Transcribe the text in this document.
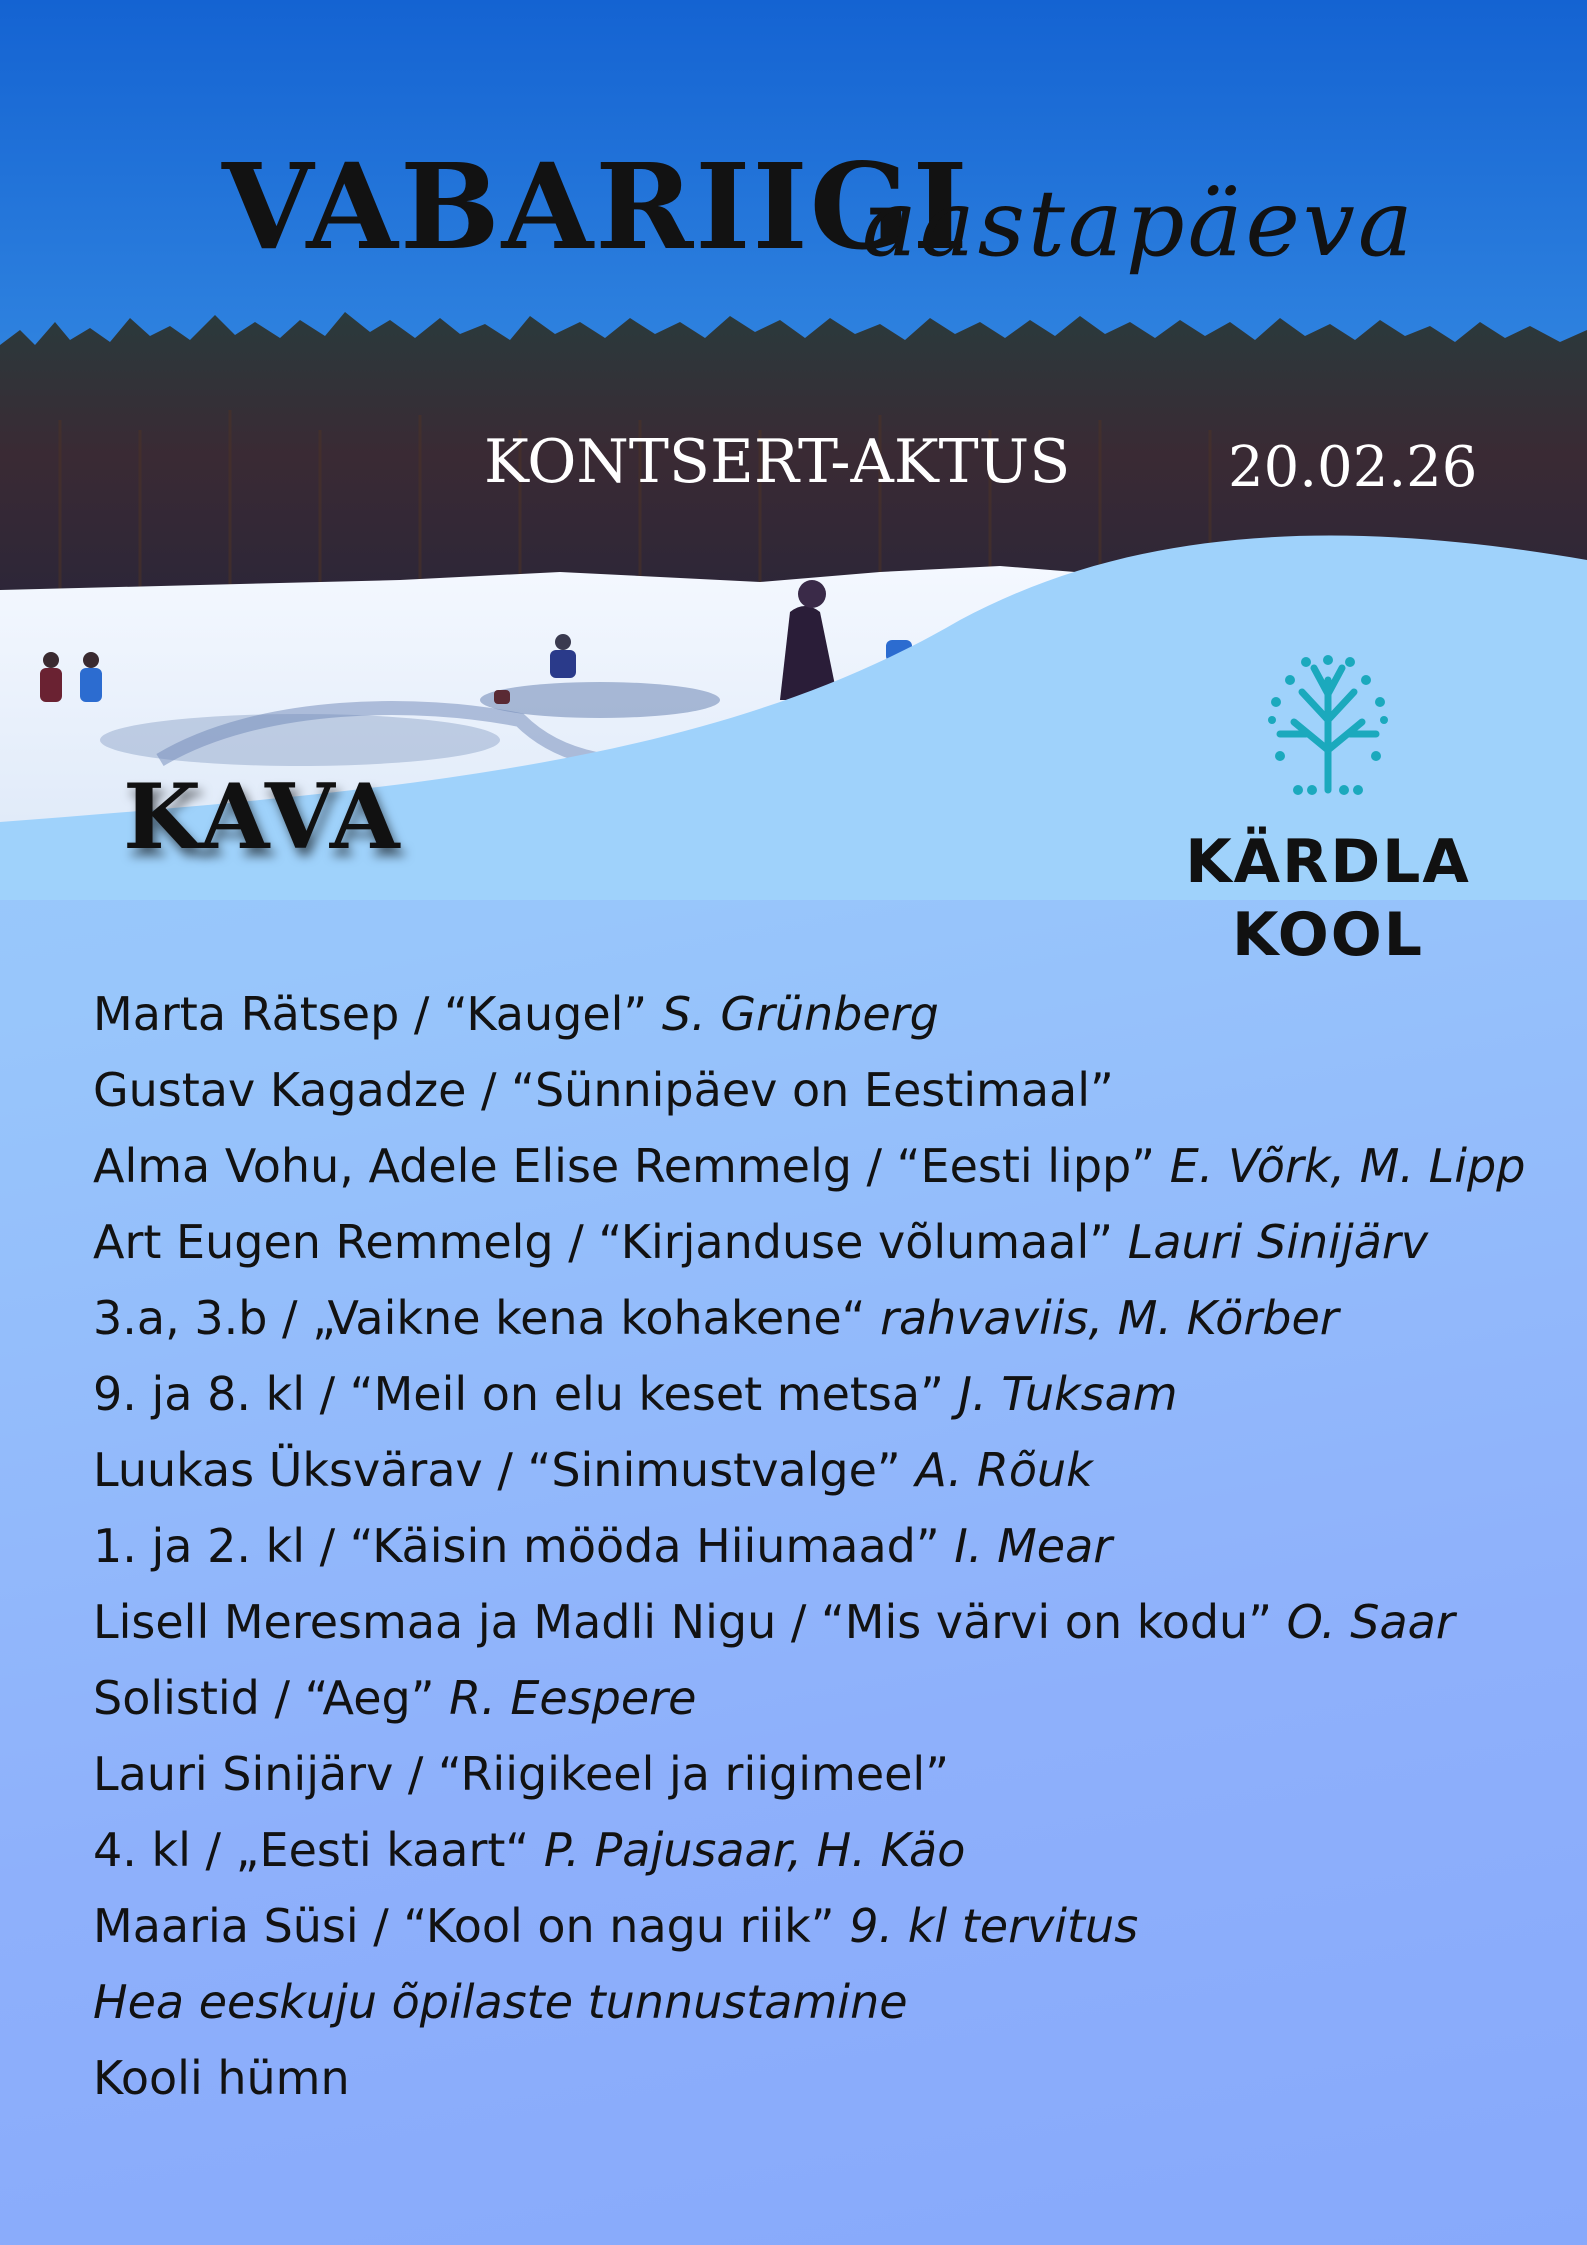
VABARIIGI
aastapäeva
KONTSERT-AKTUS	20.02.26
KAVA	KÄRDLA
KOOL
Marta Rätsep / “Kaugel” S. Grünberg
Gustav Kagadze / “Sünnipäev on Eestimaal”
Alma Vohu, Adele Elise Remmelg / “Eesti lipp” E. Võrk, M. Lipp
Art Eugen Remmelg / “Kirjanduse võlumaal” Lauri Sinijärv
3.a, 3.b / „Vaikne kena kohakene“ rahvaviis, M. Körber
9. ja 8. kl / “Meil on elu keset metsa” J. Tuksam
Luukas Üksvärav / “Sinimustvalge” A. Rõuk
1. ja 2. kl / “Käisin mööda Hiiumaad” I. Mear
Lisell Meresmaa ja Madli Nigu / “Mis värvi on kodu” O. Saar
Solistid / “Aeg” R. Eespere
Lauri Sinijärv / “Riigikeel ja riigimeel”
4. kl / „Eesti kaart“ P. Pajusaar, H. Käo
Maaria Süsi / “Kool on nagu riik” 9. kl tervitus
Hea eeskuju õpilaste tunnustamine
Kooli hümn
